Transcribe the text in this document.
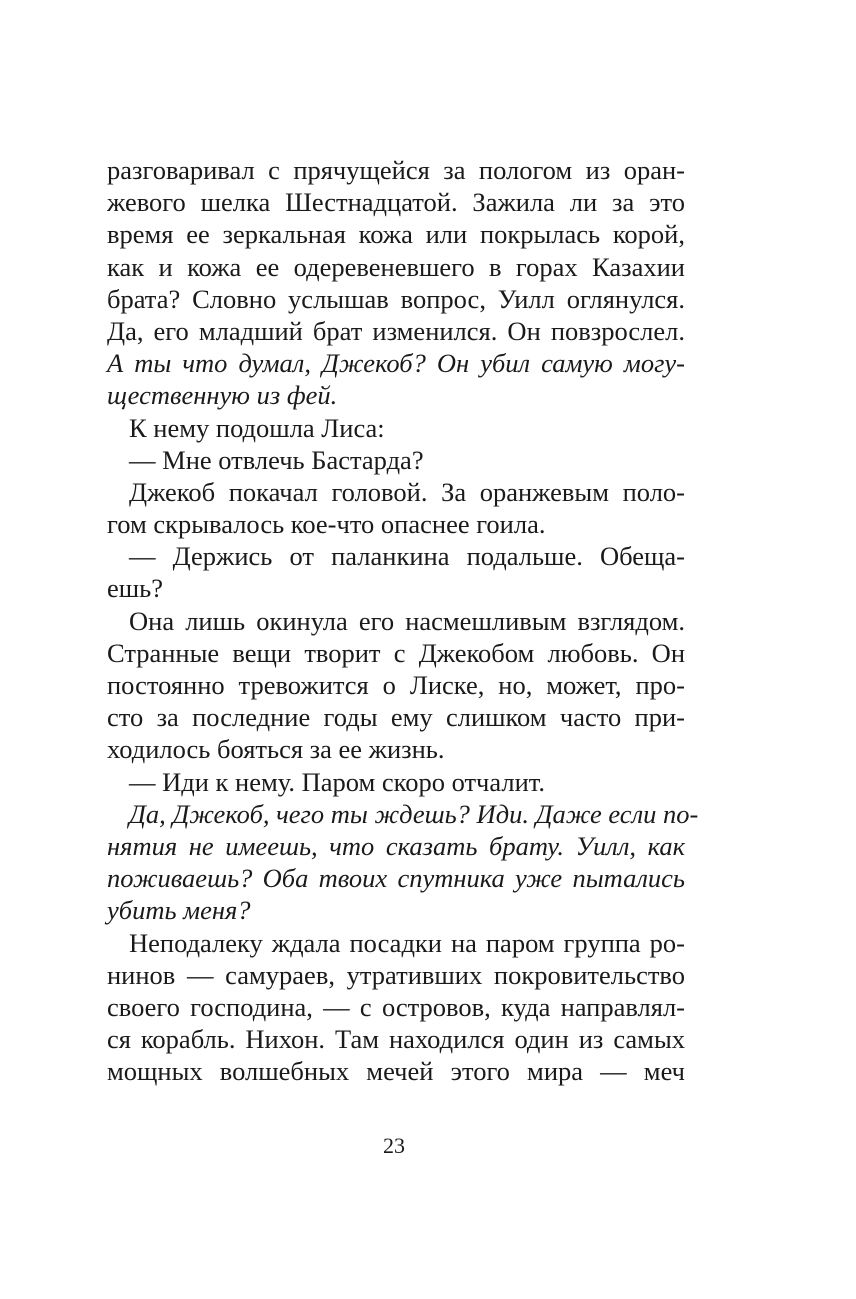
разговаривал с прячущейся за пологом из оран-
жевого шелка Шестнадцатой. Зажила ли за это
время ее зеркальная кожа или покрылась корой,
как и кожа ее одеревеневшего в горах Казахии
брата? Словно услышав вопрос, Уилл оглянулся.
Да, его младший брат изменился. Он повзрослел.
А ты что думал, Джекоб? Он убил самую могу-
щественную из фей.
К нему подошла Лиса:
— Мне отвлечь Бастарда?
Джекоб покачал головой. За оранжевым поло-
гом скрывалось кое-что опаснее гоила.
— Держись от паланкина подальше. Обеща-
ешь?
Она лишь окинула его насмешливым взглядом.
Странные вещи творит с Джекобом любовь. Он
постоянно тревожится о Лиске, но, может, про-
сто за последние годы ему слишком часто при-
ходилось бояться за ее жизнь.
— Иди к нему. Паром скоро отчалит.
Да, Джекоб, чего ты ждешь? Иди. Даже если по-
нятия не имеешь, что сказать брату. Уилл, как
поживаешь? Оба твоих спутника уже пытались
убить меня?
Неподалеку ждала посадки на паром группа ро-
нинов — самураев, утративших покровительство
своего господина, — с островов, куда направлял-
ся корабль. Нихон. Там находился один из самых
мощных волшебных мечей этого мира — меч
23
